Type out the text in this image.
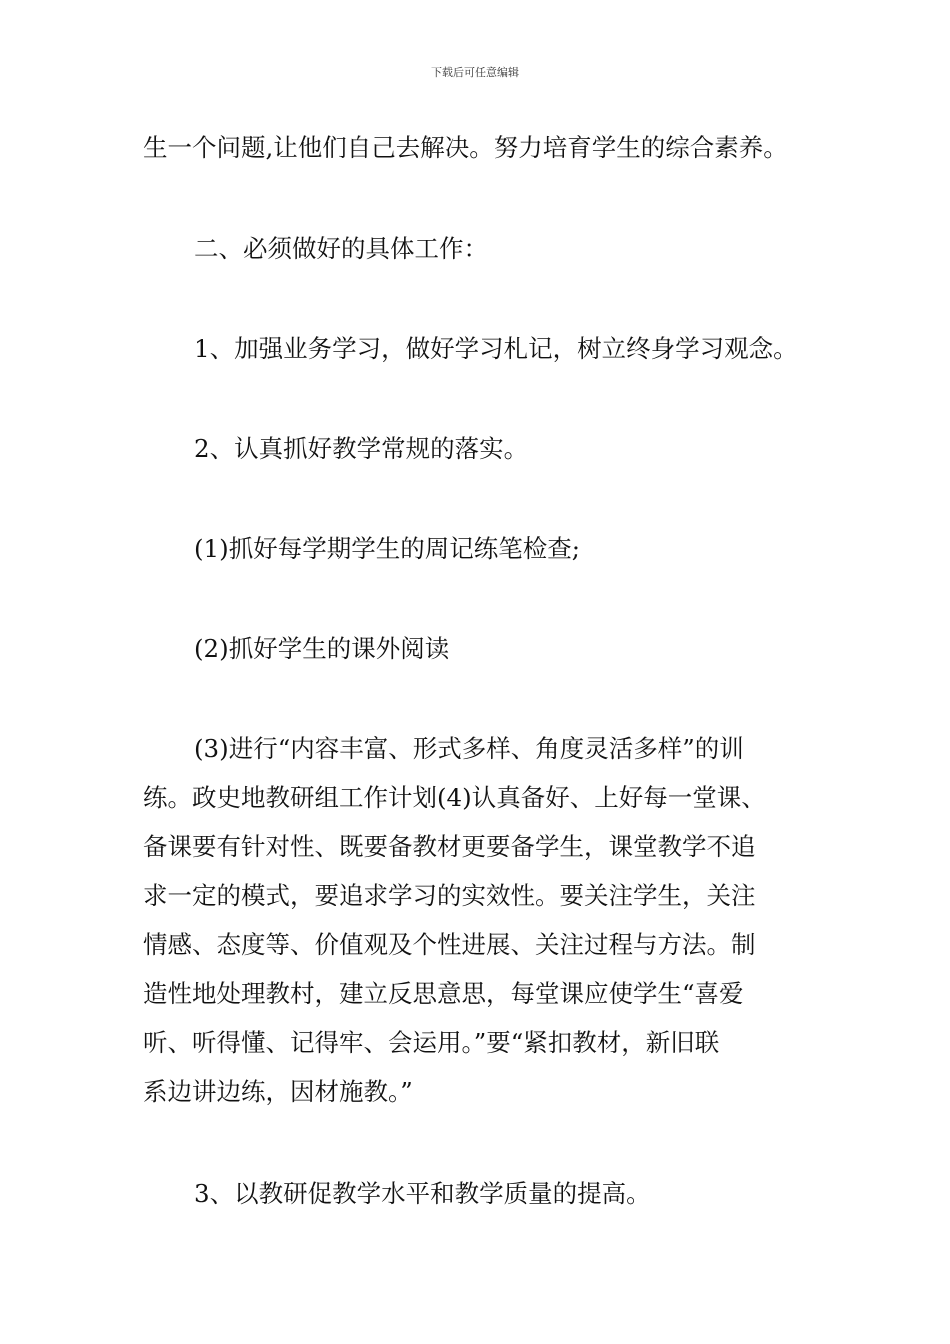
下载后可任意编辑

生一个问题,让他们自己去解决。努力培育学生的综合素养。

二、必须做好的具体工作：

1、加强业务学习，做好学习札记，树立终身学习观念。

2、认真抓好教学常规的落实。

(1)抓好每学期学生的周记练笔检查;

(2)抓好学生的课外阅读

(3)进行“内容丰富、形式多样、角度灵活多样”的训
练。政史地教研组工作计划(4)认真备好、上好每一堂课、
备课要有针对性、既要备教材更要备学生，课堂教学不追
求一定的模式，要追求学习的实效性。要关注学生，关注
情感、态度等、价值观及个性进展、关注过程与方法。制
造性地处理教村，建立反思意思，每堂课应使学生“喜爱
听、听得懂、记得牢、会运用。”要“紧扣教材，新旧联
系边讲边练，因材施教。”

3、以教研促教学水平和教学质量的提高。
